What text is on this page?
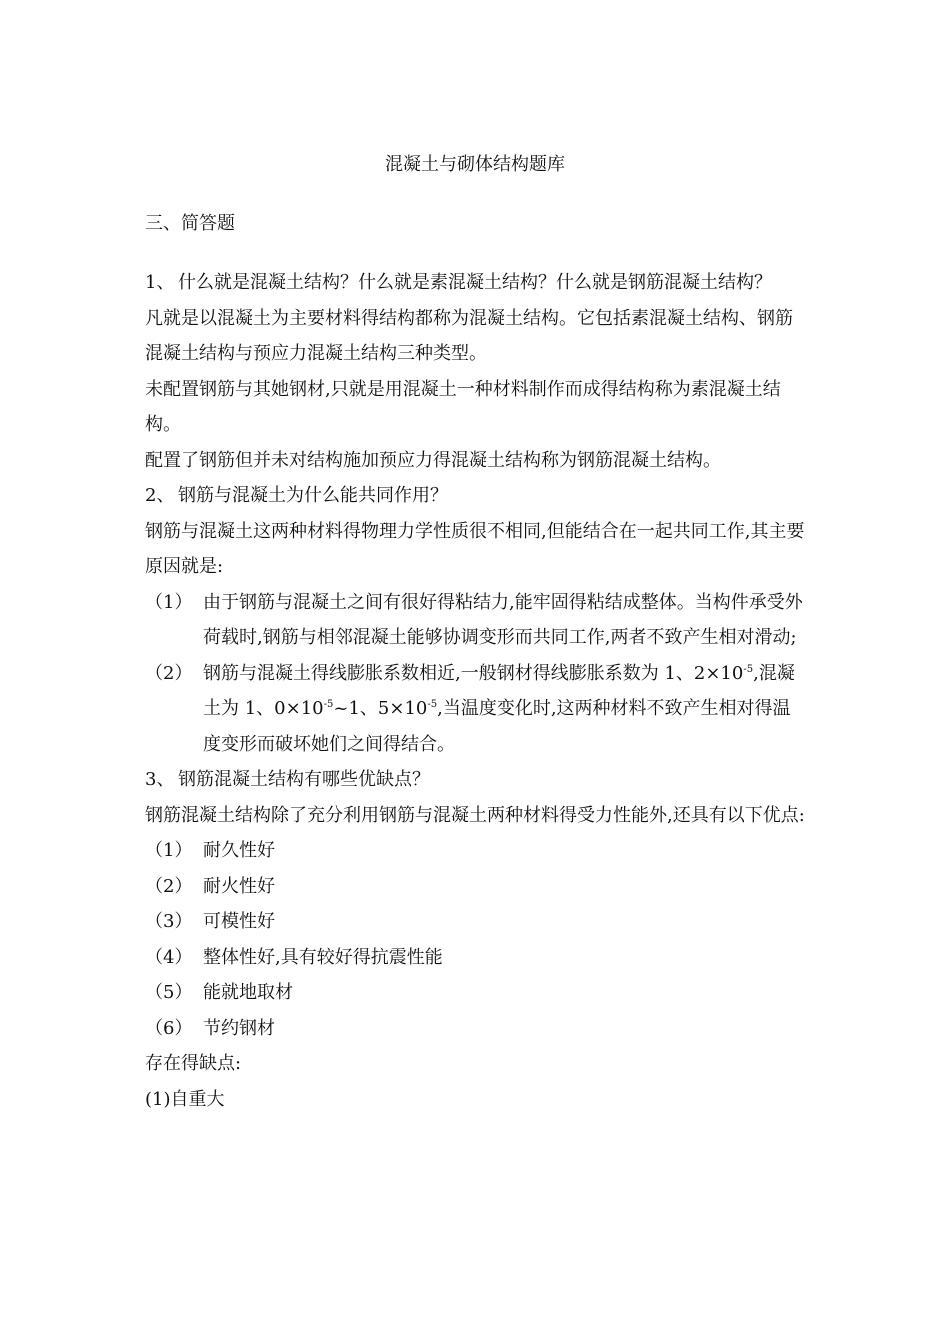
混凝土与砌体结构题库
三、简答题

1、 什么就是混凝土结构？什么就是素混凝土结构？什么就是钢筋混凝土结构？

凡就是以混凝土为主要材料得结构都称为混凝土结构。它包括素混凝土结构、钢筋混凝土结构与预应力混凝土结构三种类型。

未配置钢筋与其她钢材,只就是用混凝土一种材料制作而成得结构称为素混凝土结构。

配置了钢筋但并未对结构施加预应力得混凝土结构称为钢筋混凝土结构。

2、 钢筋与混凝土为什么能共同作用？

钢筋与混凝土这两种材料得物理力学性质很不相同,但能结合在一起共同工作,其主要原因就是:

（1） 由于钢筋与混凝土之间有很好得粘结力,能牢固得粘结成整体。当构件承受外荷载时,钢筋与相邻混凝土能够协调变形而共同工作,两者不致产生相对滑动;

（2） 钢筋与混凝土得线膨胀系数相近,一般钢材得线膨胀系数为 1、$2\times 10^{-5}$,混凝土为 1、$0\times 10^{-5}\sim 1$、$5\times 10^{-5}$,当温度变化时,这两种材料不致产生相对得温度变形而破坏她们之间得结合。

3、 钢筋混凝土结构有哪些优缺点？

钢筋混凝土结构除了充分利用钢筋与混凝土两种材料得受力性能外,还具有以下优点:

（1） 耐久性好

（2） 耐火性好

（3） 可模性好

（4） 整体性好,具有较好得抗震性能

（5） 能就地取材

（6） 节约钢材

存在得缺点:

(1)自重大
